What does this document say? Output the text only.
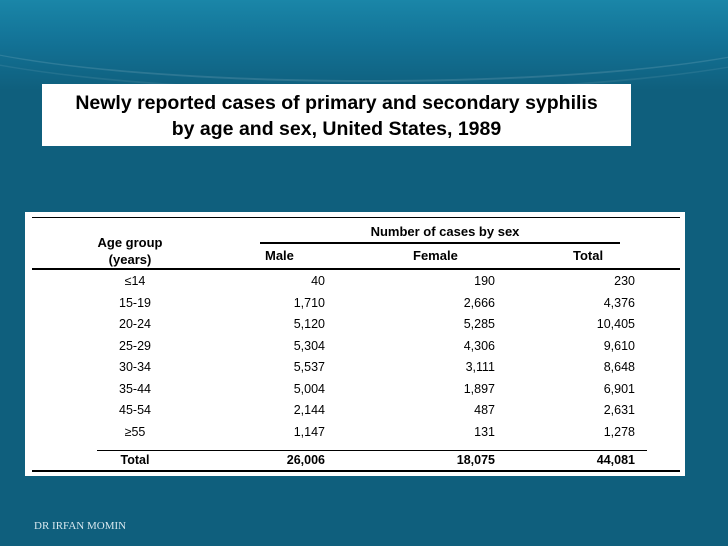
Newly reported cases of primary and secondary syphilis
by age and sex, United States, 1989
Age group
(years)
Number of cases by sex
Male	Female	Total
≤14	40	190	230
15-19	1,710	2,666	4,376
20-24	5,120	5,285	10,405
25-29	5,304	4,306	9,610
30-34	5,537	3,111	8,648
35-44	5,004	1,897	6,901
45-54	2,144	487	2,631
≥55	1,147	131	1,278
Total	26,006	18,075	44,081
DR IRFAN MOMIN
